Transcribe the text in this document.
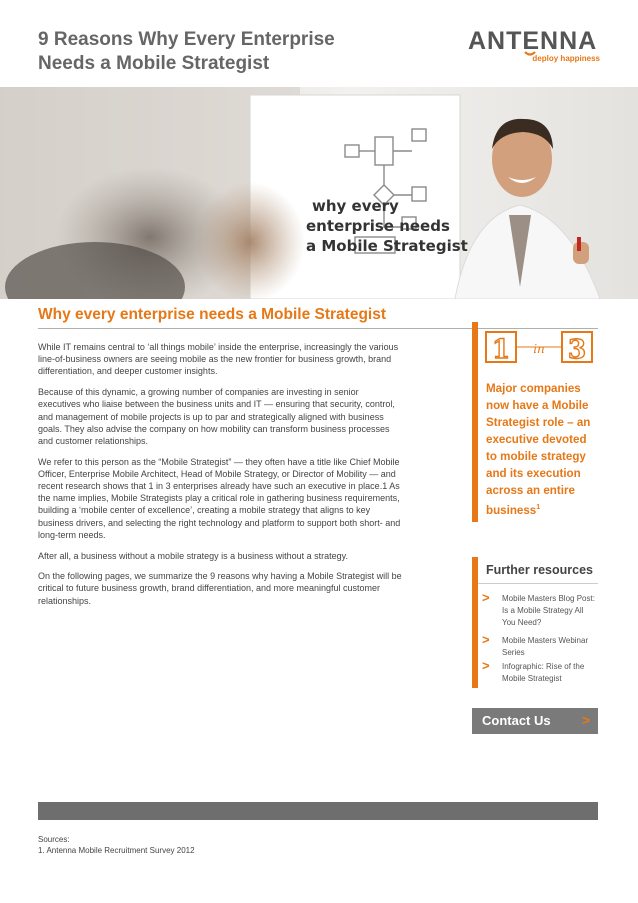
9 Reasons Why Every Enterprise
Needs a Mobile Strategist
ANTENNA
deploy happiness
why every
enterprise needs
a Mobile Strategist
Why every enterprise needs a Mobile Strategist

While IT remains central to ‘all things mobile’ inside the enterprise, increasingly the various line-of-business owners are seeing mobile as the new frontier for business growth, brand differentiation, and deeper customer insights.

Because of this dynamic, a growing number of companies are investing in senior executives who liaise between the business units and IT — ensuring that security, control, and management of mobile projects is up to par and strategically aligned with business goals. They also advise the company on how mobility can transform business processes and customer relationships.

We refer to this person as the “Mobile Strategist” — they often have a title like Chief Mobile Officer, Enterprise Mobile Architect, Head of Mobile Strategy, or Director of Mobility — and recent research shows that 1 in 3 enterprises already have such an executive in place.1 As the name implies, Mobile Strategists play a critical role in gathering business requirements, building a ‘mobile center of excellence’, creating a mobile strategy that aligns to key business drivers, and selecting the right technology and platform to support both short- and long-term needs.

After all, a business without a mobile strategy is a business without a strategy.

On the following pages, we summarize the 9 reasons why having a Mobile Strategist will be critical to future business growth, brand differentiation, and more meaningful customer relationships.

1 in 3
Major companies now have a Mobile Strategist role – an executive devoted to mobile strategy and its execution across an entire business$^1$
Further resources
> Mobile Masters Blog Post: Is a Mobile Strategy All You Need?
> Mobile Masters Webinar Series
> Infographic: Rise of the Mobile Strategist
Contact Us >
Sources:
1. Antenna Mobile Recruitment Survey 2012
